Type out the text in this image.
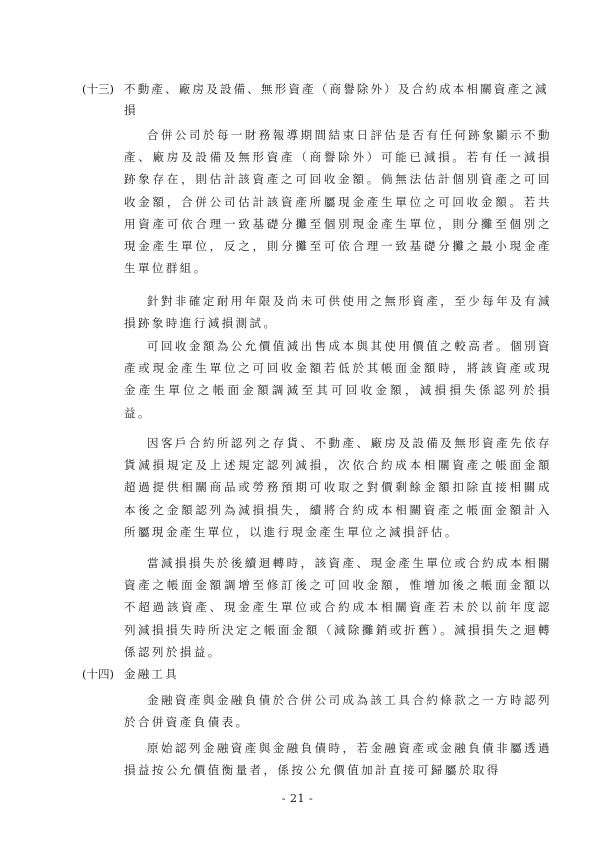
(十三) 不動產、廠房及設備、無形資產（商譽除外）及合約成本相關資產之減損

合併公司於每一財務報導期間結束日評估是否有任何跡象顯示不動產、廠房及設備及無形資產（商譽除外）可能已減損。若有任一減損跡象存在，則估計該資產之可回收金額。倘無法估計個別資產之可回收金額，合併公司估計該資產所屬現金產生單位之可回收金額。若共用資產可依合理一致基礎分攤至個別現金產生單位，則分攤至個別之現金產生單位，反之，則分攤至可依合理一致基礎分攤之最小現金產生單位群組。

針對非確定耐用年限及尚未可供使用之無形資產，至少每年及有減損跡象時進行減損測試。

可回收金額為公允價值減出售成本與其使用價值之較高者。個別資產或現金產生單位之可回收金額若低於其帳面金額時，將該資產或現金產生單位之帳面金額調減至其可回收金額，減損損失係認列於損益。

因客戶合約所認列之存貨、不動產、廠房及設備及無形資產先依存貨減損規定及上述規定認列減損，次依合約成本相關資產之帳面金額超過提供相關商品或勞務預期可收取之對價剩餘金額扣除直接相關成本後之金額認列為減損損失，續將合約成本相關資產之帳面金額計入所屬現金產生單位，以進行現金產生單位之減損評估。

當減損損失於後續迴轉時，該資產、現金產生單位或合約成本相關資產之帳面金額調增至修訂後之可回收金額，惟增加後之帳面金額以不超過該資產、現金產生單位或合約成本相關資產若未於以前年度認列減損損失時所決定之帳面金額（減除攤銷或折舊）。減損損失之迴轉係認列於損益。

(十四) 金融工具

金融資產與金融負債於合併公司成為該工具合約條款之一方時認列於合併資產負債表。

原始認列金融資產與金融負債時，若金融資產或金融負債非屬透過損益按公允價值衡量者，係按公允價值加計直接可歸屬於取得

- 21 -
